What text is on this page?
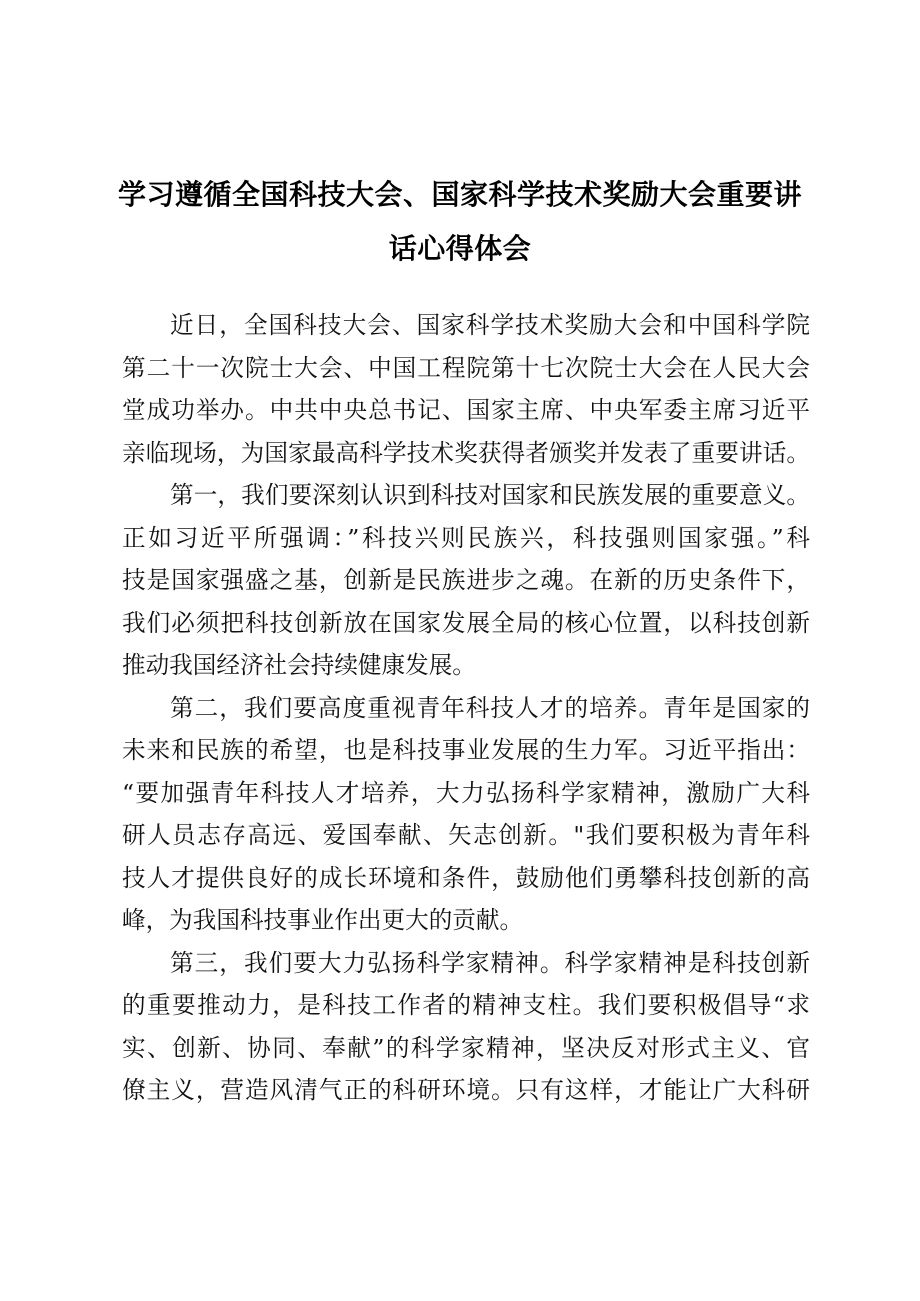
学习遵循全国科技大会、国家科学技术奖励大会重要讲
话心得体会
近日，全国科技大会、国家科学技术奖励大会和中国科学院
第二十一次院士大会、中国工程院第十七次院士大会在人民大会
堂成功举办。中共中央总书记、国家主席、中央军委主席习近平
亲临现场，为国家最高科学技术奖获得者颁奖并发表了重要讲话。
第一，我们要深刻认识到科技对国家和民族发展的重要意义。
正如习近平所强调：”科技兴则民族兴，科技强则国家强。”科
技是国家强盛之基，创新是民族进步之魂。在新的历史条件下，
我们必须把科技创新放在国家发展全局的核心位置，以科技创新
推动我国经济社会持续健康发展。
第二，我们要高度重视青年科技人才的培养。青年是国家的
未来和民族的希望，也是科技事业发展的生力军。习近平指出：
“要加强青年科技人才培养，大力弘扬科学家精神，激励广大科
研人员志存高远、爱国奉献、矢志创新。"我们要积极为青年科
技人才提供良好的成长环境和条件，鼓励他们勇攀科技创新的高
峰，为我国科技事业作出更大的贡献。
第三，我们要大力弘扬科学家精神。科学家精神是科技创新
的重要推动力，是科技工作者的精神支柱。我们要积极倡导“求
实、创新、协同、奉献”的科学家精神，坚决反对形式主义、官
僚主义，营造风清气正的科研环境。只有这样，才能让广大科研
